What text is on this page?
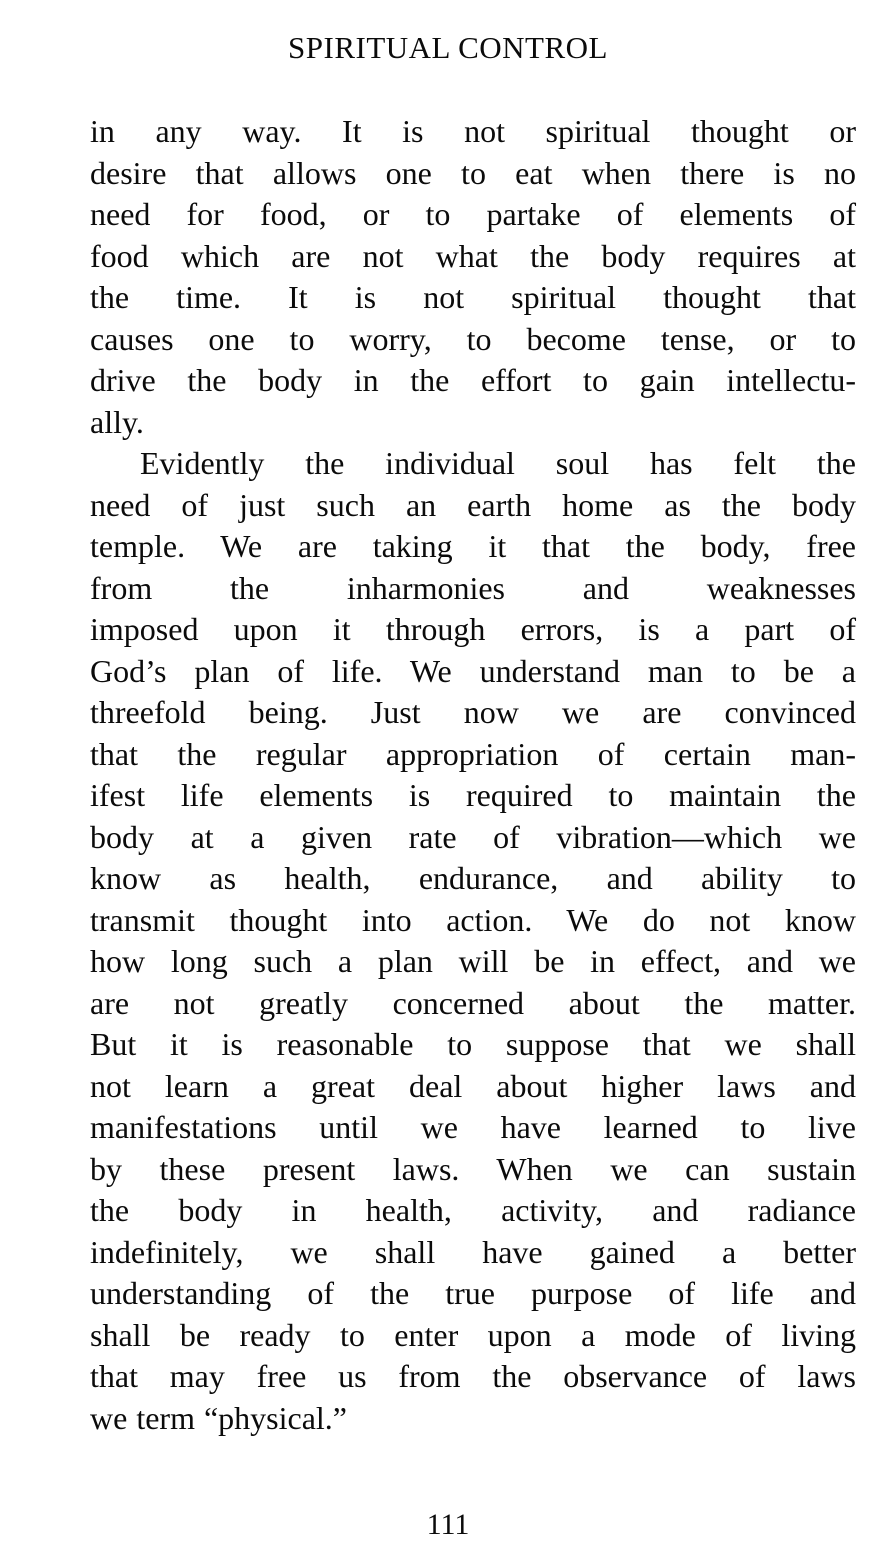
SPIRITUAL CONTROL
in any way. It is not spiritual thought or
desire that allows one to eat when there is no
need for food, or to partake of elements of
food which are not what the body requires at
the time. It is not spiritual thought that
causes one to worry, to become tense, or to
drive the body in the effort to gain intellectu-
ally.
Evidently the individual soul has felt the
need of just such an earth home as the body
temple. We are taking it that the body, free
from the inharmonies and weaknesses
imposed upon it through errors, is a part of
God’s plan of life. We understand man to be a
threefold being. Just now we are convinced
that the regular appropriation of certain man-
ifest life elements is required to maintain the
body at a given rate of vibration—which we
know as health, endurance, and ability to
transmit thought into action. We do not know
how long such a plan will be in effect, and we
are not greatly concerned about the matter.
But it is reasonable to suppose that we shall
not learn a great deal about higher laws and
manifestations until we have learned to live
by these present laws. When we can sustain
the body in health, activity, and radiance
indefinitely, we shall have gained a better
understanding of the true purpose of life and
shall be ready to enter upon a mode of living
that may free us from the observance of laws
we term “physical.”
111
